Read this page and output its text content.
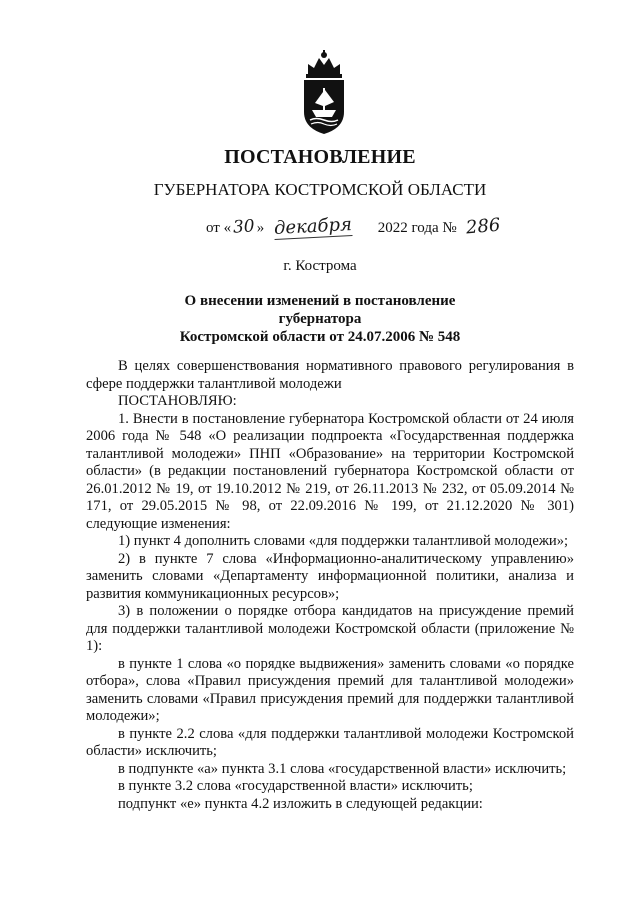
ПОСТАНОВЛЕНИЕ
ГУБЕРНАТОРА КОСТРОМСКОЙ ОБЛАСТИ
от «30» декабря 2022 года № 286
г. Кострома
О внесении изменений в постановление губернатора
Костромской области от 24.07.2006 № 548

В целях совершенствования нормативного правового регулирования в сфере поддержки талантливой молодежи

ПОСТАНОВЛЯЮ:

1. Внести в постановление губернатора Костромской области от 24 июля 2006 года № 548 «О реализации подпроекта «Государственная поддержка талантливой молодежи» ПНП «Образование» на территории Костромской области» (в редакции постановлений губернатора Костромской области от 26.01.2012 № 19, от 19.10.2012 № 219, от 26.11.2013 № 232, от 05.09.2014 № 171, от 29.05.2015 № 98, от 22.09.2016 № 199, от 21.12.2020 № 301) следующие изменения:

1) пункт 4 дополнить словами «для поддержки талантливой молодежи»;

2) в пункте 7 слова «Информационно-аналитическому управлению» заменить словами «Департаменту информационной политики, анализа и развития коммуникационных ресурсов»;

3) в положении о порядке отбора кандидатов на присуждение премий для поддержки талантливой молодежи Костромской области (приложение № 1):

в пункте 1 слова «о порядке выдвижения» заменить словами «о порядке отбора», слова «Правил присуждения премий для талантливой молодежи» заменить словами «Правил присуждения премий для поддержки талантливой молодежи»;

в пункте 2.2 слова «для поддержки талантливой молодежи Костромской области» исключить;

в подпункте «а» пункта 3.1 слова «государственной власти» исключить;

в пункте 3.2 слова «государственной власти» исключить;

подпункт «е» пункта 4.2 изложить в следующей редакции:
